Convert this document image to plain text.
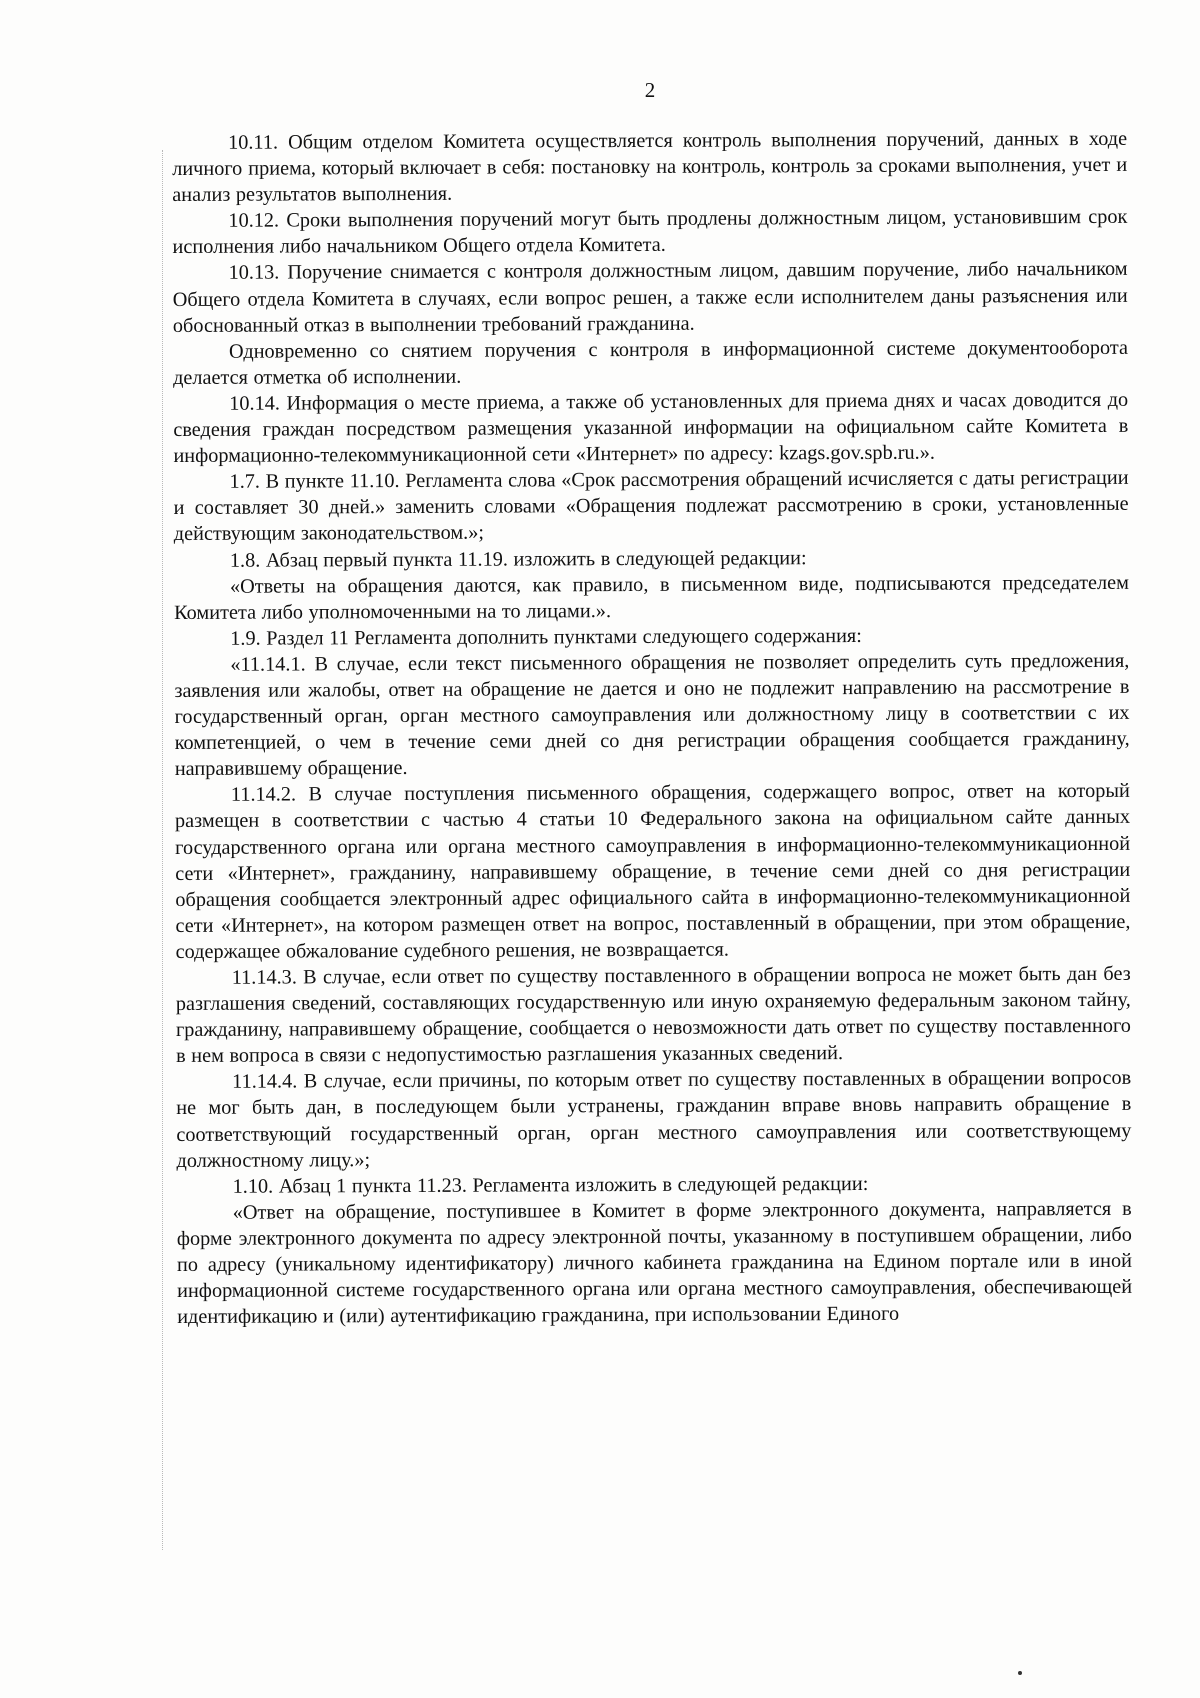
2

10.11. Общим отделом Комитета осуществляется контроль выполнения поручений, данных в ходе личного приема, который включает в себя: постановку на контроль, контроль за сроками выполнения, учет и анализ результатов выполнения.

10.12. Сроки выполнения поручений могут быть продлены должностным лицом, установившим срок исполнения либо начальником Общего отдела Комитета.

10.13. Поручение снимается с контроля должностным лицом, давшим поручение, либо начальником Общего отдела Комитета в случаях, если вопрос решен, а также если исполнителем даны разъяснения или обоснованный отказ в выполнении требований гражданина.

Одновременно со снятием поручения с контроля в информационной системе документооборота делается отметка об исполнении.

10.14. Информация о месте приема, а также об установленных для приема днях и часах доводится до сведения граждан посредством размещения указанной информации на официальном сайте Комитета в информационно-телекоммуникационной сети «Интернет» по адресу: kzags.gov.spb.ru.».

1.7. В пункте 11.10. Регламента слова «Срок рассмотрения обращений исчисляется с даты регистрации и составляет 30 дней.» заменить словами «Обращения подлежат рассмотрению в сроки, установленные действующим законодательством.»;

1.8. Абзац первый пункта 11.19. изложить в следующей редакции:

«Ответы на обращения даются, как правило, в письменном виде, подписываются председателем Комитета либо уполномоченными на то лицами.».

1.9. Раздел 11 Регламента дополнить пунктами следующего содержания:

«11.14.1. В случае, если текст письменного обращения не позволяет определить суть предложения, заявления или жалобы, ответ на обращение не дается и оно не подлежит направлению на рассмотрение в государственный орган, орган местного самоуправления или должностному лицу в соответствии с их компетенцией, о чем в течение семи дней со дня регистрации обращения сообщается гражданину, направившему обращение.

11.14.2. В случае поступления письменного обращения, содержащего вопрос, ответ на который размещен в соответствии с частью 4 статьи 10 Федерального закона на официальном сайте данных государственного органа или органа местного самоуправления в информационно-телекоммуникационной сети «Интернет», гражданину, направившему обращение, в течение семи дней со дня регистрации обращения сообщается электронный адрес официального сайта в информационно-телекоммуникационной сети «Интернет», на котором размещен ответ на вопрос, поставленный в обращении, при этом обращение, содержащее обжалование судебного решения, не возвращается.

11.14.3. В случае, если ответ по существу поставленного в обращении вопроса не может быть дан без разглашения сведений, составляющих государственную или иную охраняемую федеральным законом тайну, гражданину, направившему обращение, сообщается о невозможности дать ответ по существу поставленного в нем вопроса в связи с недопустимостью разглашения указанных сведений.

11.14.4. В случае, если причины, по которым ответ по существу поставленных в обращении вопросов не мог быть дан, в последующем были устранены, гражданин вправе вновь направить обращение в соответствующий государственный орган, орган местного самоуправления или соответствующему должностному лицу.»;

1.10. Абзац 1 пункта 11.23. Регламента изложить в следующей редакции:

«Ответ на обращение, поступившее в Комитет в форме электронного документа, направляется в форме электронного документа по адресу электронной почты, указанному в поступившем обращении, либо по адресу (уникальному идентификатору) личного кабинета гражданина на Едином портале или в иной информационной системе государственного органа или органа местного самоуправления, обеспечивающей идентификацию и (или) аутентификацию гражданина, при использовании Единого
